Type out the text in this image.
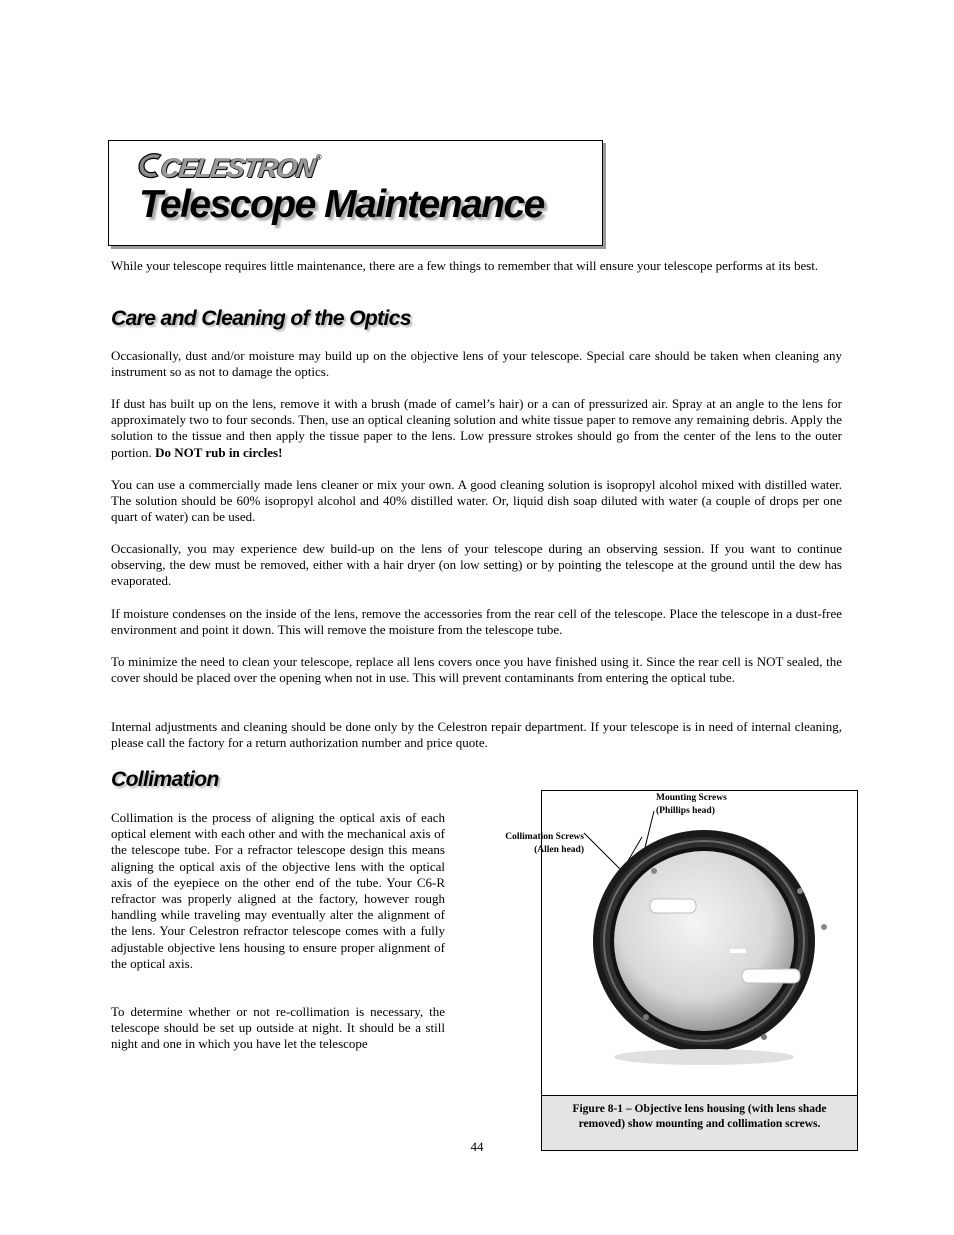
CELESTRON®
Telescope Maintenance

While your telescope requires little maintenance, there are a few things to remember that will ensure your telescope performs at its best.

Care and Cleaning of the Optics

Occasionally, dust and/or moisture may build up on the objective lens of your telescope. Special care should be taken when cleaning any instrument so as not to damage the optics.

If dust has built up on the lens, remove it with a brush (made of camel’s hair) or a can of pressurized air. Spray at an angle to the lens for approximately two to four seconds. Then, use an optical cleaning solution and white tissue paper to remove any remaining debris. Apply the solution to the tissue and then apply the tissue paper to the lens. Low pressure strokes should go from the center of the lens to the outer portion. Do NOT rub in circles!

You can use a commercially made lens cleaner or mix your own. A good cleaning solution is isopropyl alcohol mixed with distilled water. The solution should be 60% isopropyl alcohol and 40% distilled water. Or, liquid dish soap diluted with water (a couple of drops per one quart of water) can be used.

Occasionally, you may experience dew build-up on the lens of your telescope during an observing session. If you want to continue observing, the dew must be removed, either with a hair dryer (on low setting) or by pointing the telescope at the ground until the dew has evaporated.

If moisture condenses on the inside of the lens, remove the accessories from the rear cell of the telescope. Place the telescope in a dust-free environment and point it down. This will remove the moisture from the telescope tube.

To minimize the need to clean your telescope, replace all lens covers once you have finished using it. Since the rear cell is NOT sealed, the cover should be placed over the opening when not in use. This will prevent contaminants from entering the optical tube.

Internal adjustments and cleaning should be done only by the Celestron repair department. If your telescope is in need of internal cleaning, please call the factory for a return authorization number and price quote.

Collimation

Collimation is the process of aligning the optical axis of each optical element with each other and with the mechanical axis of the telescope tube. For a refractor telescope design this means aligning the optical axis of the objective lens with the optical axis of the eyepiece on the other end of the tube. Your C6-R refractor was properly aligned at the factory, however rough handling while traveling may eventually alter the alignment of the lens. Your Celestron refractor telescope comes with a fully adjustable objective lens housing to ensure proper alignment of the optical axis.

To determine whether or not re-collimation is necessary, the telescope should be set up outside at night. It should be a still night and one in which you have let the telescope

Collimation Screws
(Allen head)
Mounting Screws
(Phillips head)

Figure 8-1 – Objective lens housing (with lens shade removed) show mounting and collimation screws.

44
